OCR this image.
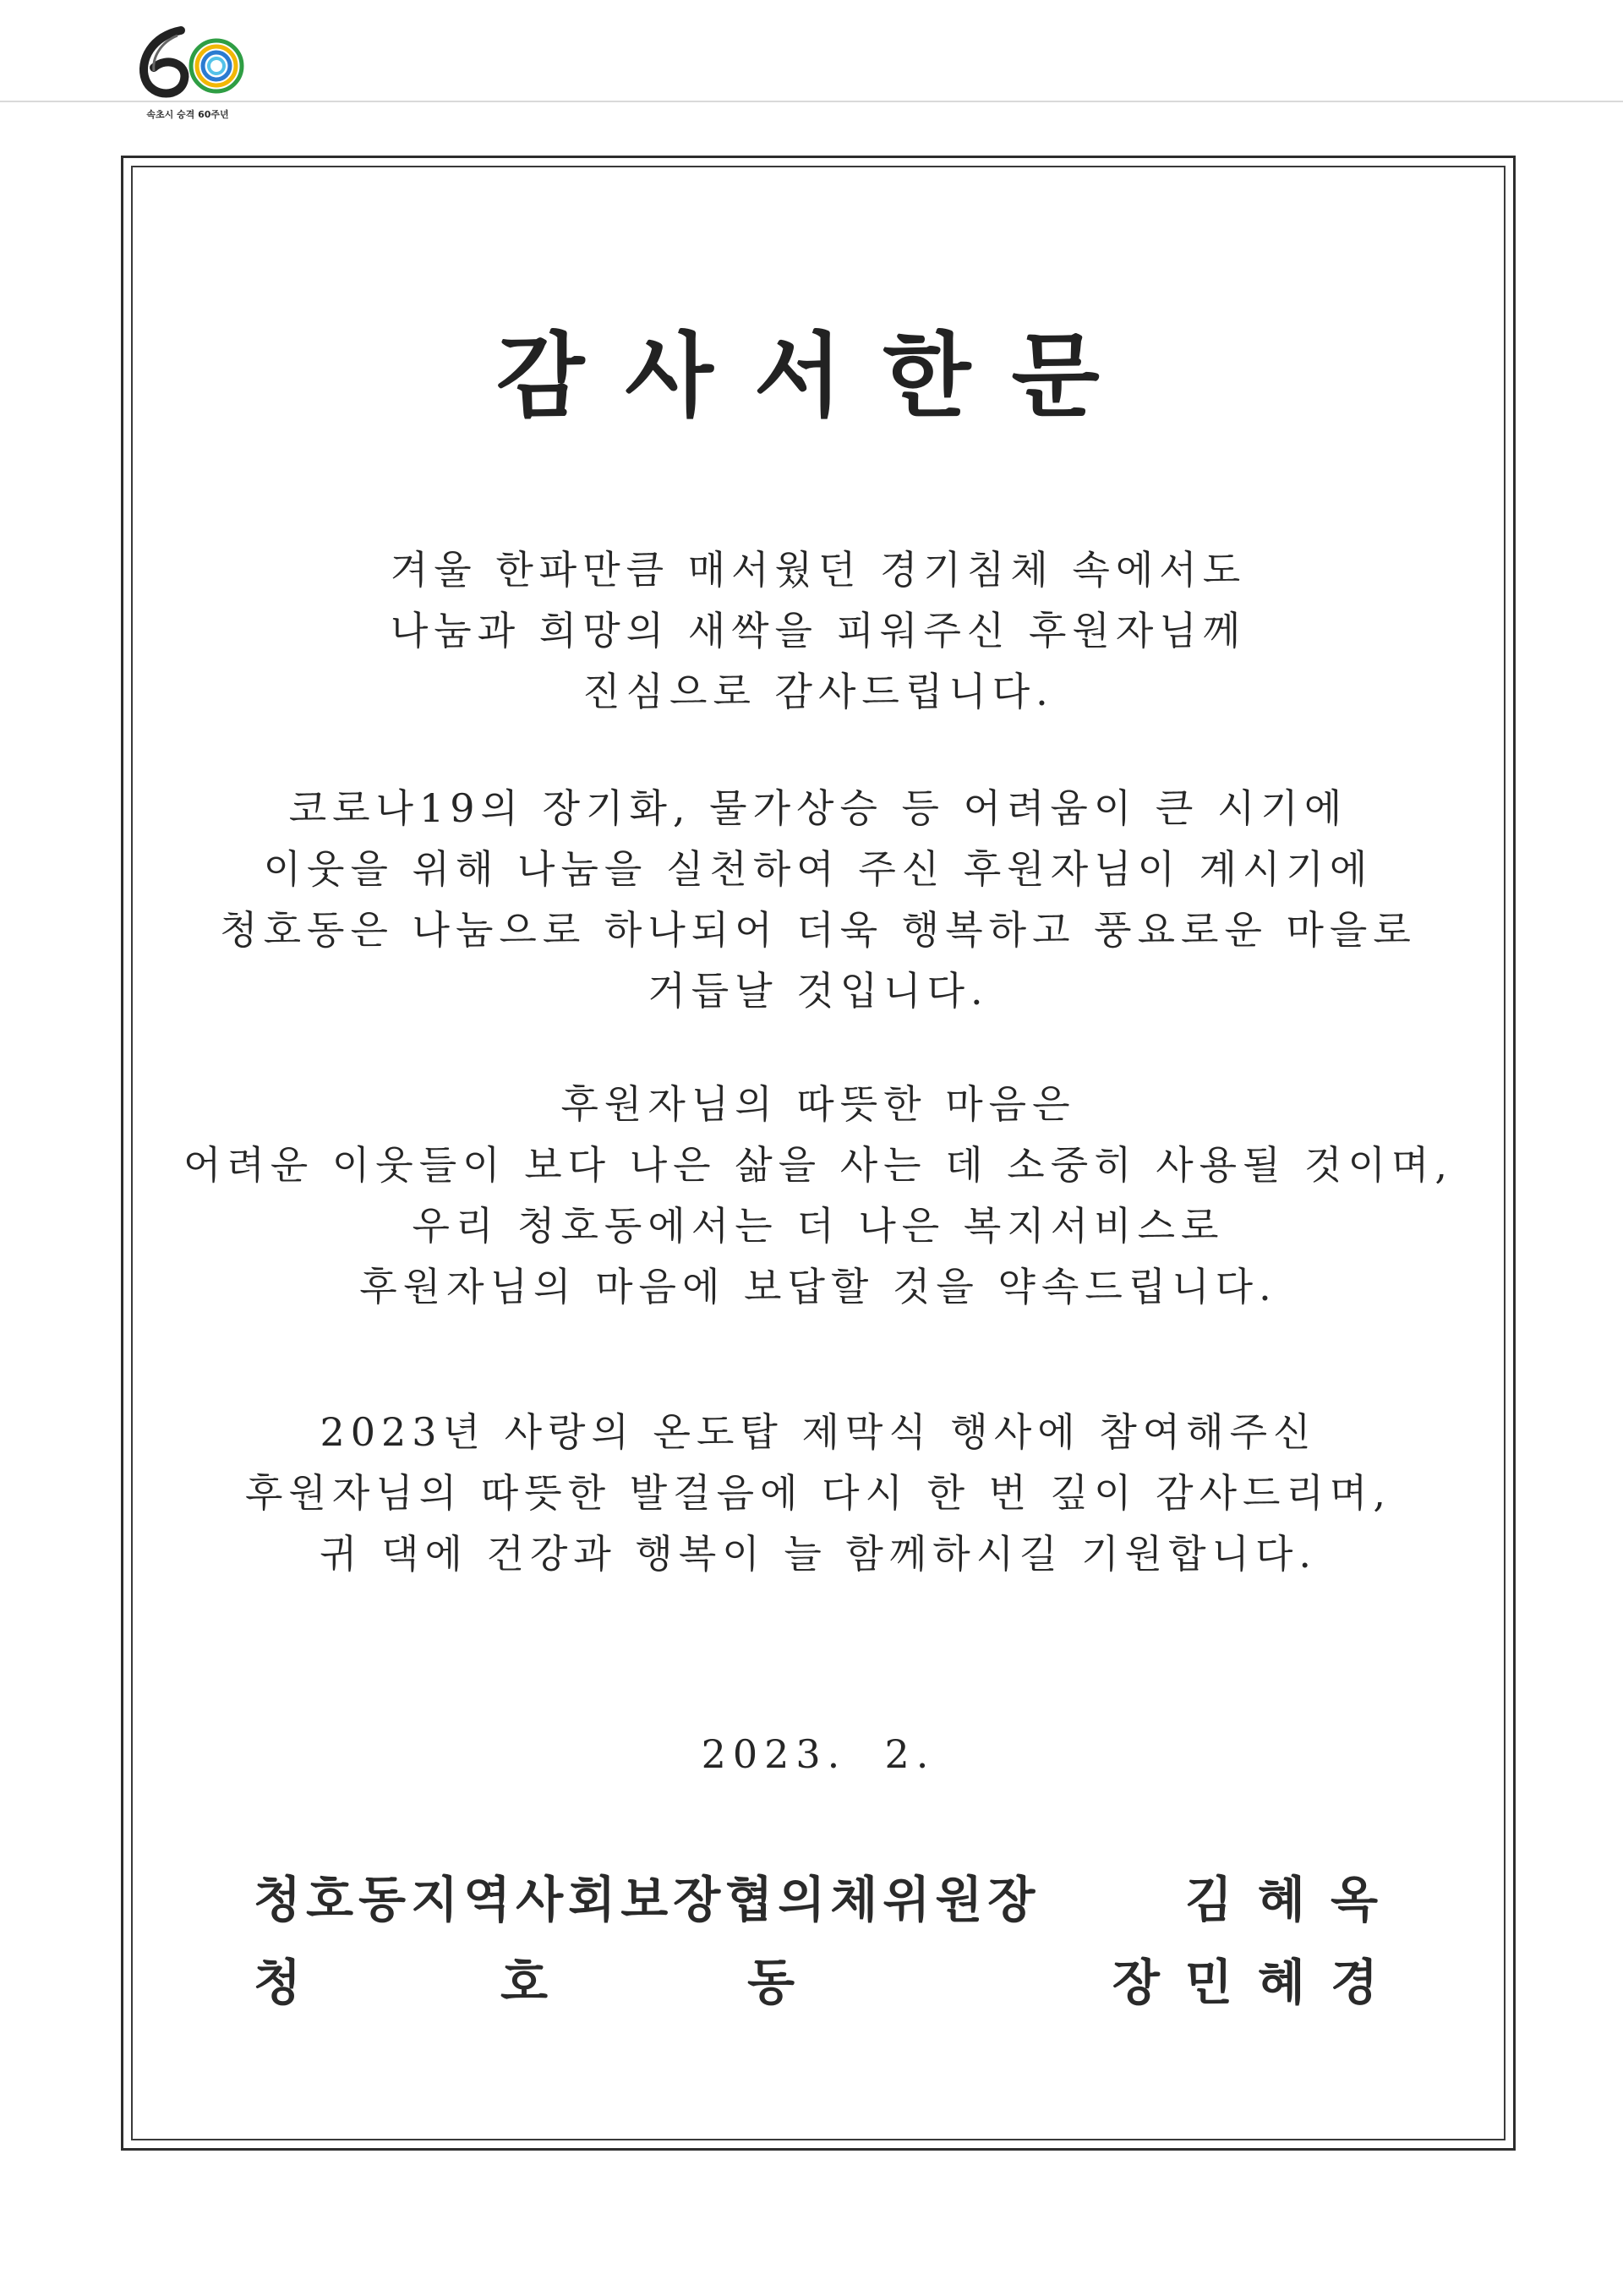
속초시 승격 60주년
감사서한문
겨울 한파만큼 매서웠던 경기침체 속에서도
나눔과 희망의 새싹을 피워주신 후원자님께
진심으로 감사드립니다.
코로나19의 장기화, 물가상승 등 어려움이 큰 시기에
이웃을 위해 나눔을 실천하여 주신 후원자님이 계시기에
청호동은 나눔으로 하나되어 더욱 행복하고 풍요로운 마을로
거듭날 것입니다.
후원자님의 따뜻한 마음은
어려운 이웃들이 보다 나은 삶을 사는 데 소중히 사용될 것이며,
우리 청호동에서는 더 나은 복지서비스로
후원자님의 마음에 보답할 것을 약속드립니다.
2023년 사랑의 온도탑 제막식 행사에 참여해주신
후원자님의 따뜻한 발걸음에 다시 한 번 깊이 감사드리며,
귀 댁에 건강과 행복이 늘 함께하시길 기원합니다.
2023.  2.
청호동지역사회보장협의체위원장	김혜옥
청	호	동	장민혜경
